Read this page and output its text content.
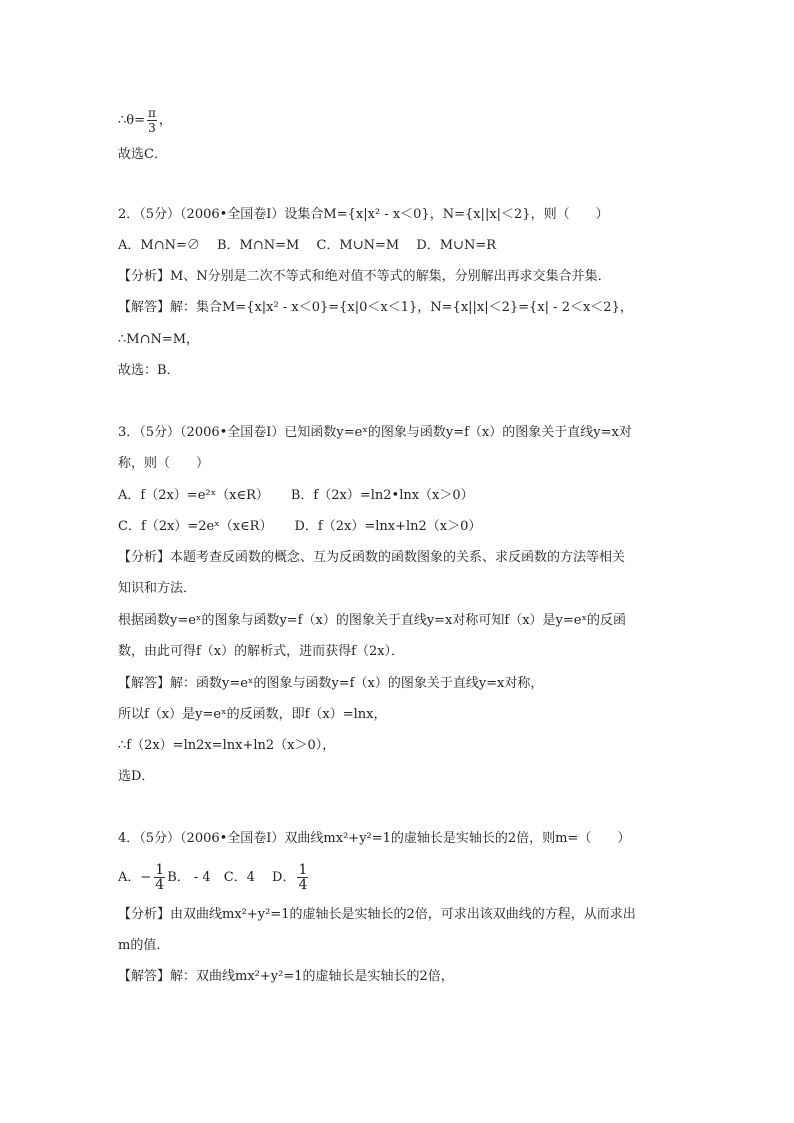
∴θ= $\frac{\pi}{3}$ ，
故选C．
2．（5分）（2006•全国卷Ⅰ）设集合M={x|x² - x＜0}，N={x||x|＜2}，则（　　）
A．M∩N=∅　 B．M∩N=M　 C．M∪N=M　 D．M∪N=R
【分析】M、N分别是二次不等式和绝对值不等式的解集，分别解出再求交集合并集．
【解答】解：集合M={x|x² - x＜0}={x|0＜x＜1}，N={x||x|＜2}={x| - 2＜x＜2}，
∴M∩N=M，
故选：B．
3．（5分）（2006•全国卷Ⅰ）已知函数y=eˣ的图象与函数y=f（x）的图象关于直线y=x对
称，则（　　）
A．f（2x）=e²ˣ（x∈R） B．f（2x）=ln2•lnx（x＞0）
C．f（2x）=2eˣ（x∈R） D．f（2x）=lnx+ln2（x＞0）
【分析】本题考查反函数的概念、互为反函数的函数图象的关系、求反函数的方法等相关
知识和方法．
根据函数y=eˣ的图象与函数y=f（x）的图象关于直线y=x对称可知f（x）是y=eˣ的反函
数，由此可得f（x）的解析式，进而获得f（2x）．
【解答】解：函数y=eˣ的图象与函数y=f（x）的图象关于直线y=x对称，
所以f（x）是y=eˣ的反函数，即f（x）=lnx，
∴f（2x）=ln2x=lnx+ln2（x＞0），
选D．
4．（5分）（2006•全国卷Ⅰ）双曲线mx²+y²=1的虚轴长是实轴长的2倍，则m=（　　）
A．− $\frac{1}{4}$ B． - 4　C．4　 D． $\frac{1}{4}$
【分析】由双曲线mx²+y²=1的虚轴长是实轴长的2倍，可求出该双曲线的方程，从而求出
m的值．
【解答】解：双曲线mx²+y²=1的虚轴长是实轴长的2倍，
